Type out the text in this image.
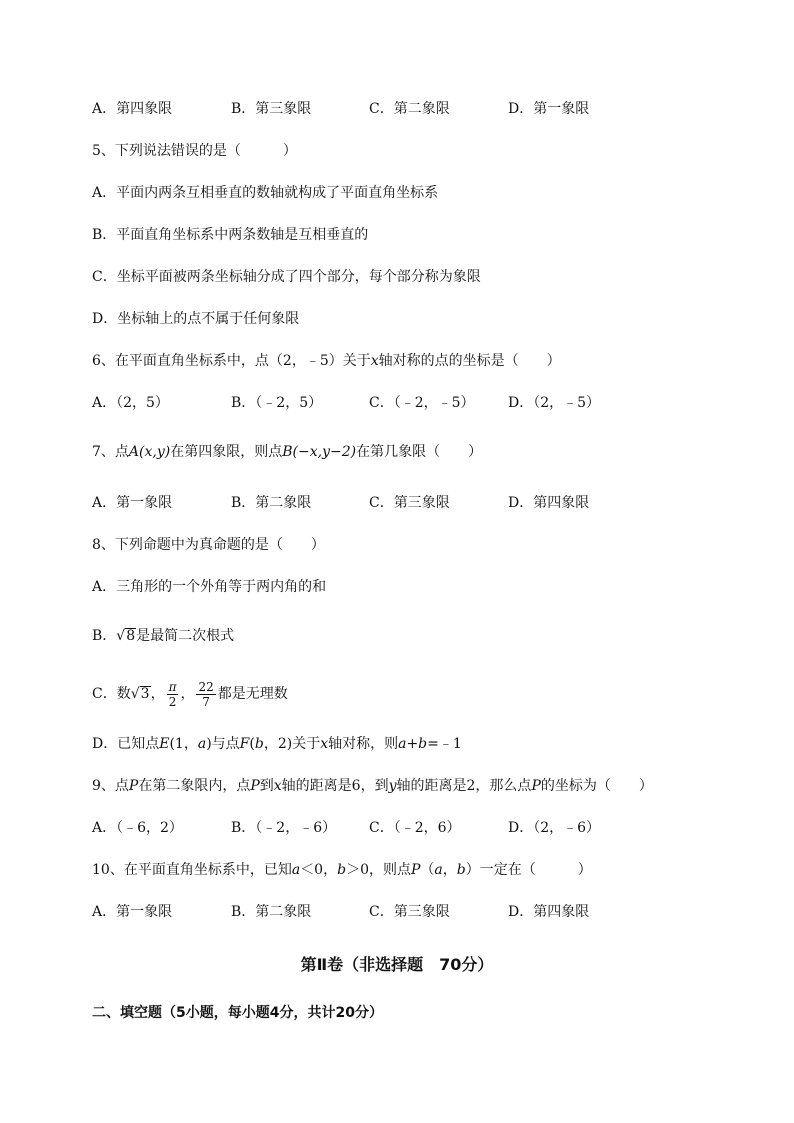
A．第四象限	B．第三象限	C．第二象限	D．第一象限
5、下列说法错误的是（　　　）
A．平面内两条互相垂直的数轴就构成了平面直角坐标系
B．平面直角坐标系中两条数轴是互相垂直的
C．坐标平面被两条坐标轴分成了四个部分，每个部分称为象限
D．坐标轴上的点不属于任何象限
6、在平面直角坐标系中，点（2，﹣5）关于x轴对称的点的坐标是（　　）
A．（2，5）	B．（﹣2，5）	C．（﹣2，﹣5） D．（2，﹣5）
7、点A(x,y)在第四象限，则点B(−x,y−2)在第几象限（　　）
A．第一象限	B．第二象限	C．第三象限	D．第四象限
8、下列命题中为真命题的是（　　）
A．三角形的一个外角等于两内角的和
B．√8是最简二次根式
C．数√3， $\frac{\pi}{2}$ ， $\frac{22}{7}$ 都是无理数
D．已知点E(1，a)与点F(b，2)关于x轴对称，则a+b=﹣1
9、点P在第二象限内，点P到x轴的距离是6，到y轴的距离是2，那么点P的坐标为（　　）
A．（﹣6，2）	B．（﹣2，﹣6） C．（﹣2，6）	D．（2，﹣6）
10、在平面直角坐标系中，已知a＜0，b＞0，则点P（a，b）一定在（　　　）
A．第一象限	B．第二象限	C．第三象限	D．第四象限
第Ⅱ卷（非选择题　70分）
二、填空题（5小题，每小题4分，共计20分）
